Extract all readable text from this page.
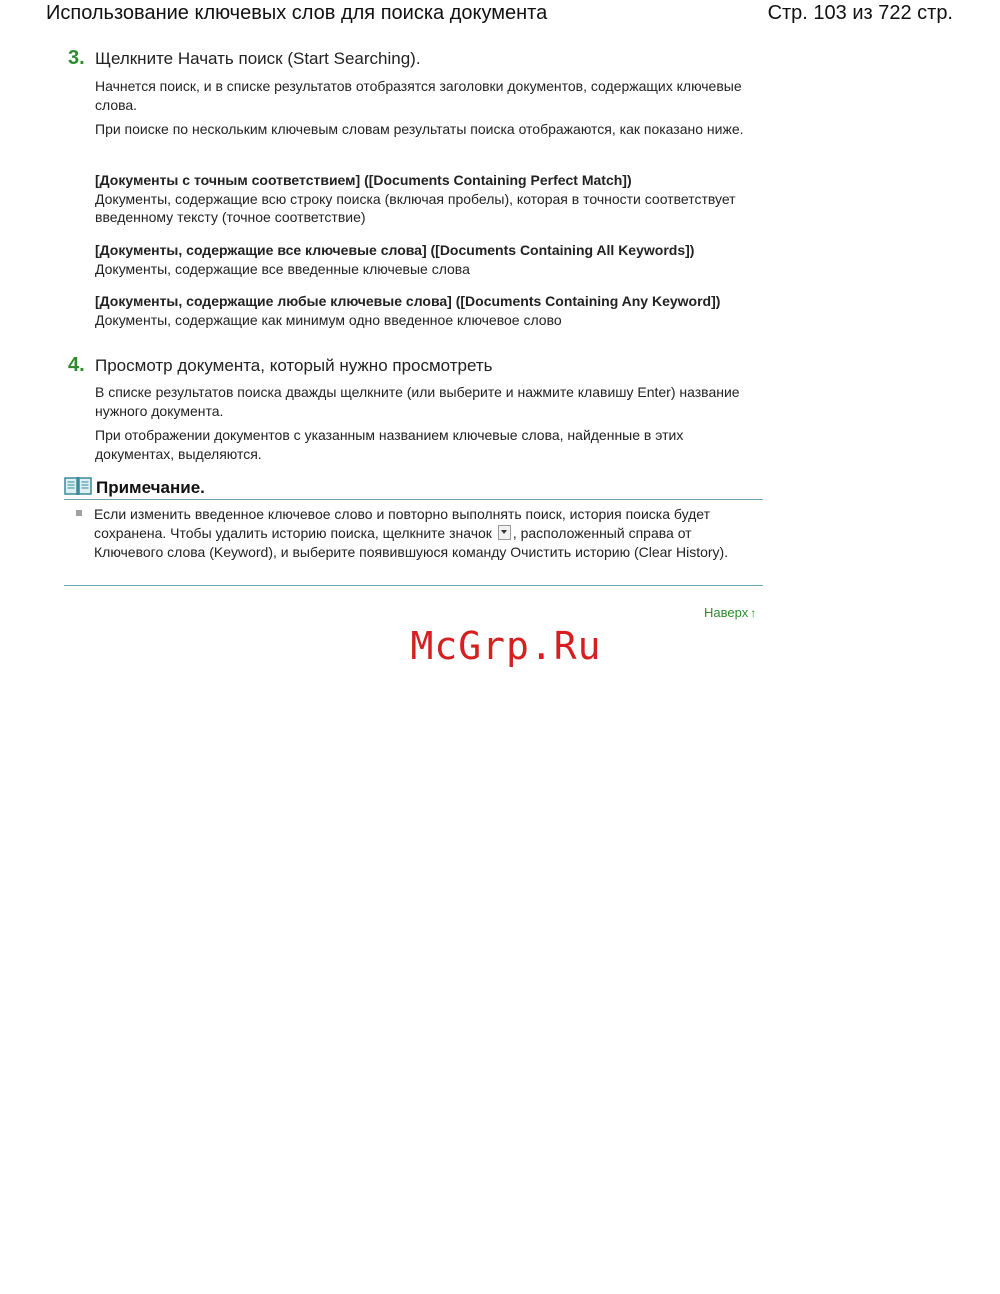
Использование ключевых слов для поиска документа	Стр. 103 из 722 стр.
3. Щелкните Начать поиск (Start Searching).
Начнется поиск, и в списке результатов отобразятся заголовки документов, содержащих ключевые слова.
При поиске по нескольким ключевым словам результаты поиска отображаются, как показано ниже.
[Документы с точным соответствием] ([Documents Containing Perfect Match])
Документы, содержащие всю строку поиска (включая пробелы), которая в точности соответствует введенному тексту (точное соответствие)
[Документы, содержащие все ключевые слова] ([Documents Containing All Keywords])
Документы, содержащие все введенные ключевые слова
[Документы, содержащие любые ключевые слова] ([Documents Containing Any Keyword])
Документы, содержащие как минимум одно введенное ключевое слово
4. Просмотр документа, который нужно просмотреть
В списке результатов поиска дважды щелкните (или выберите и нажмите клавишу Enter) название нужного документа.
При отображении документов с указанным названием ключевые слова, найденные в этих документах, выделяются.
Примечание.
Если изменить введенное ключевое слово и повторно выполнять поиск, история поиска будет сохранена. Чтобы удалить историю поиска, щелкните значок , расположенный справа от Ключевого слова (Keyword), и выберите появившуюся команду Очистить историю (Clear History).
Наверх ↑
McGrp.Ru
